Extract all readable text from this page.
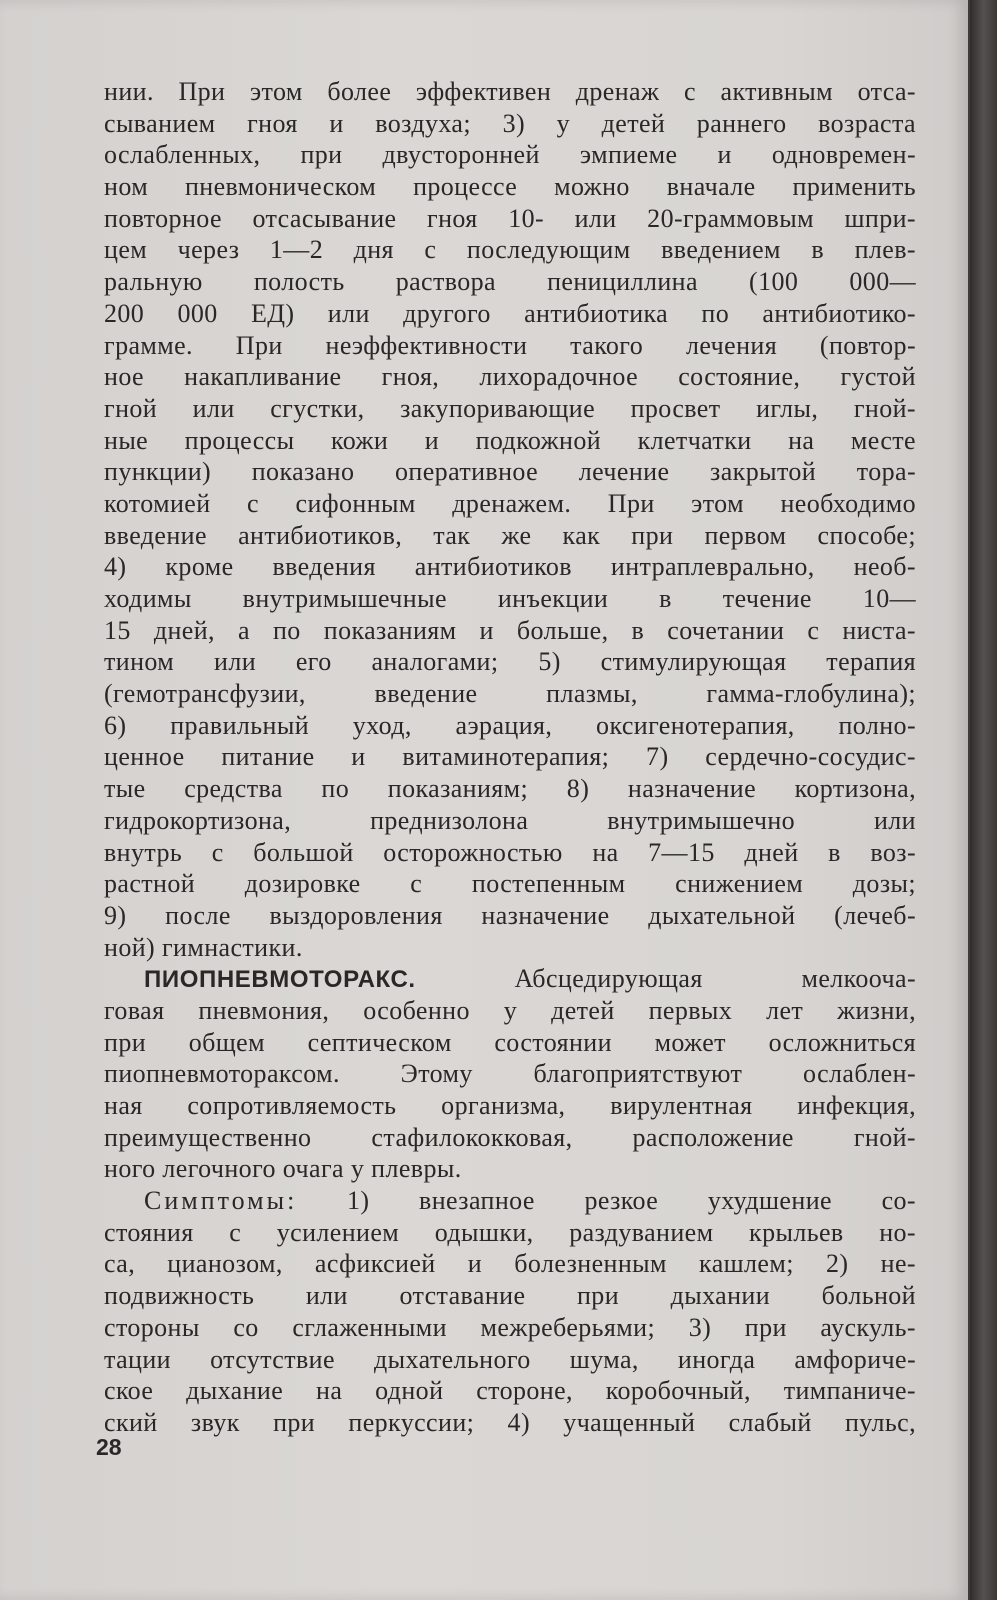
нии. При этом более эффективен дренаж с активным отса-
сыванием гноя и воздуха; 3) у детей раннего возраста
ослабленных, при двусторонней эмпиеме и одновремен-
ном пневмоническом процессе можно вначале применить
повторное отсасывание гноя 10- или 20-граммовым шпри-
цем через 1—2 дня с последующим введением в плев-
ральную полость раствора пенициллина (100 000—
200 000 ЕД) или другого антибиотика по антибиотико-
грамме. При неэффективности такого лечения (повтор-
ное накапливание гноя, лихорадочное состояние, густой
гной или сгустки, закупоривающие просвет иглы, гной-
ные процессы кожи и подкожной клетчатки на месте
пункции) показано оперативное лечение закрытой тора-
котомией с сифонным дренажем. При этом необходимо
введение антибиотиков, так же как при первом способе;
4) кроме введения антибиотиков интраплеврально, необ-
ходимы внутримышечные инъекции в течение 10—
15 дней, а по показаниям и больше, в сочетании с ниста-
тином или его аналогами; 5) стимулирующая терапия
(гемотрансфузии, введение плазмы, гамма-глобулина);
6) правильный уход, аэрация, оксигенотерапия, полно-
ценное питание и витаминотерапия; 7) сердечно-сосудис-
тые средства по показаниям; 8) назначение кортизона,
гидрокортизона, преднизолона внутримышечно или
внутрь с большой осторожностью на 7—15 дней в воз-
растной дозировке с постепенным снижением дозы;
9) после выздоровления назначение дыхательной (лечеб-
ной) гимнастики.
ПИОПНЕВМОТОРАКС.	Абсцедирующая мелкоочa-
говая пневмония, особенно у детей первых лет жизни,
при общем септическом состоянии может осложниться
пиопневмотораксом. Этому благоприятствуют ослаблен-
ная сопротивляемость организма, вирулентная инфекция,
преимущественно стафилококковая, расположение гной-
ного легочного очага у плевры.
Симптомы: 1) внезапное резкое ухудшение со-
стояния с усилением одышки, раздуванием крыльев но-
са, цианозом, асфиксией и болезненным кашлем; 2) не-
подвижность или отставание при дыхании больной
стороны со сглаженными межреберьями; 3) при аускуль-
тации отсутствие дыхательного шума, иногда амфориче-
ское дыхание на одной стороне, коробочный, тимпаниче-
ский звук при перкуссии; 4) учащенный слабый пульс,
28
